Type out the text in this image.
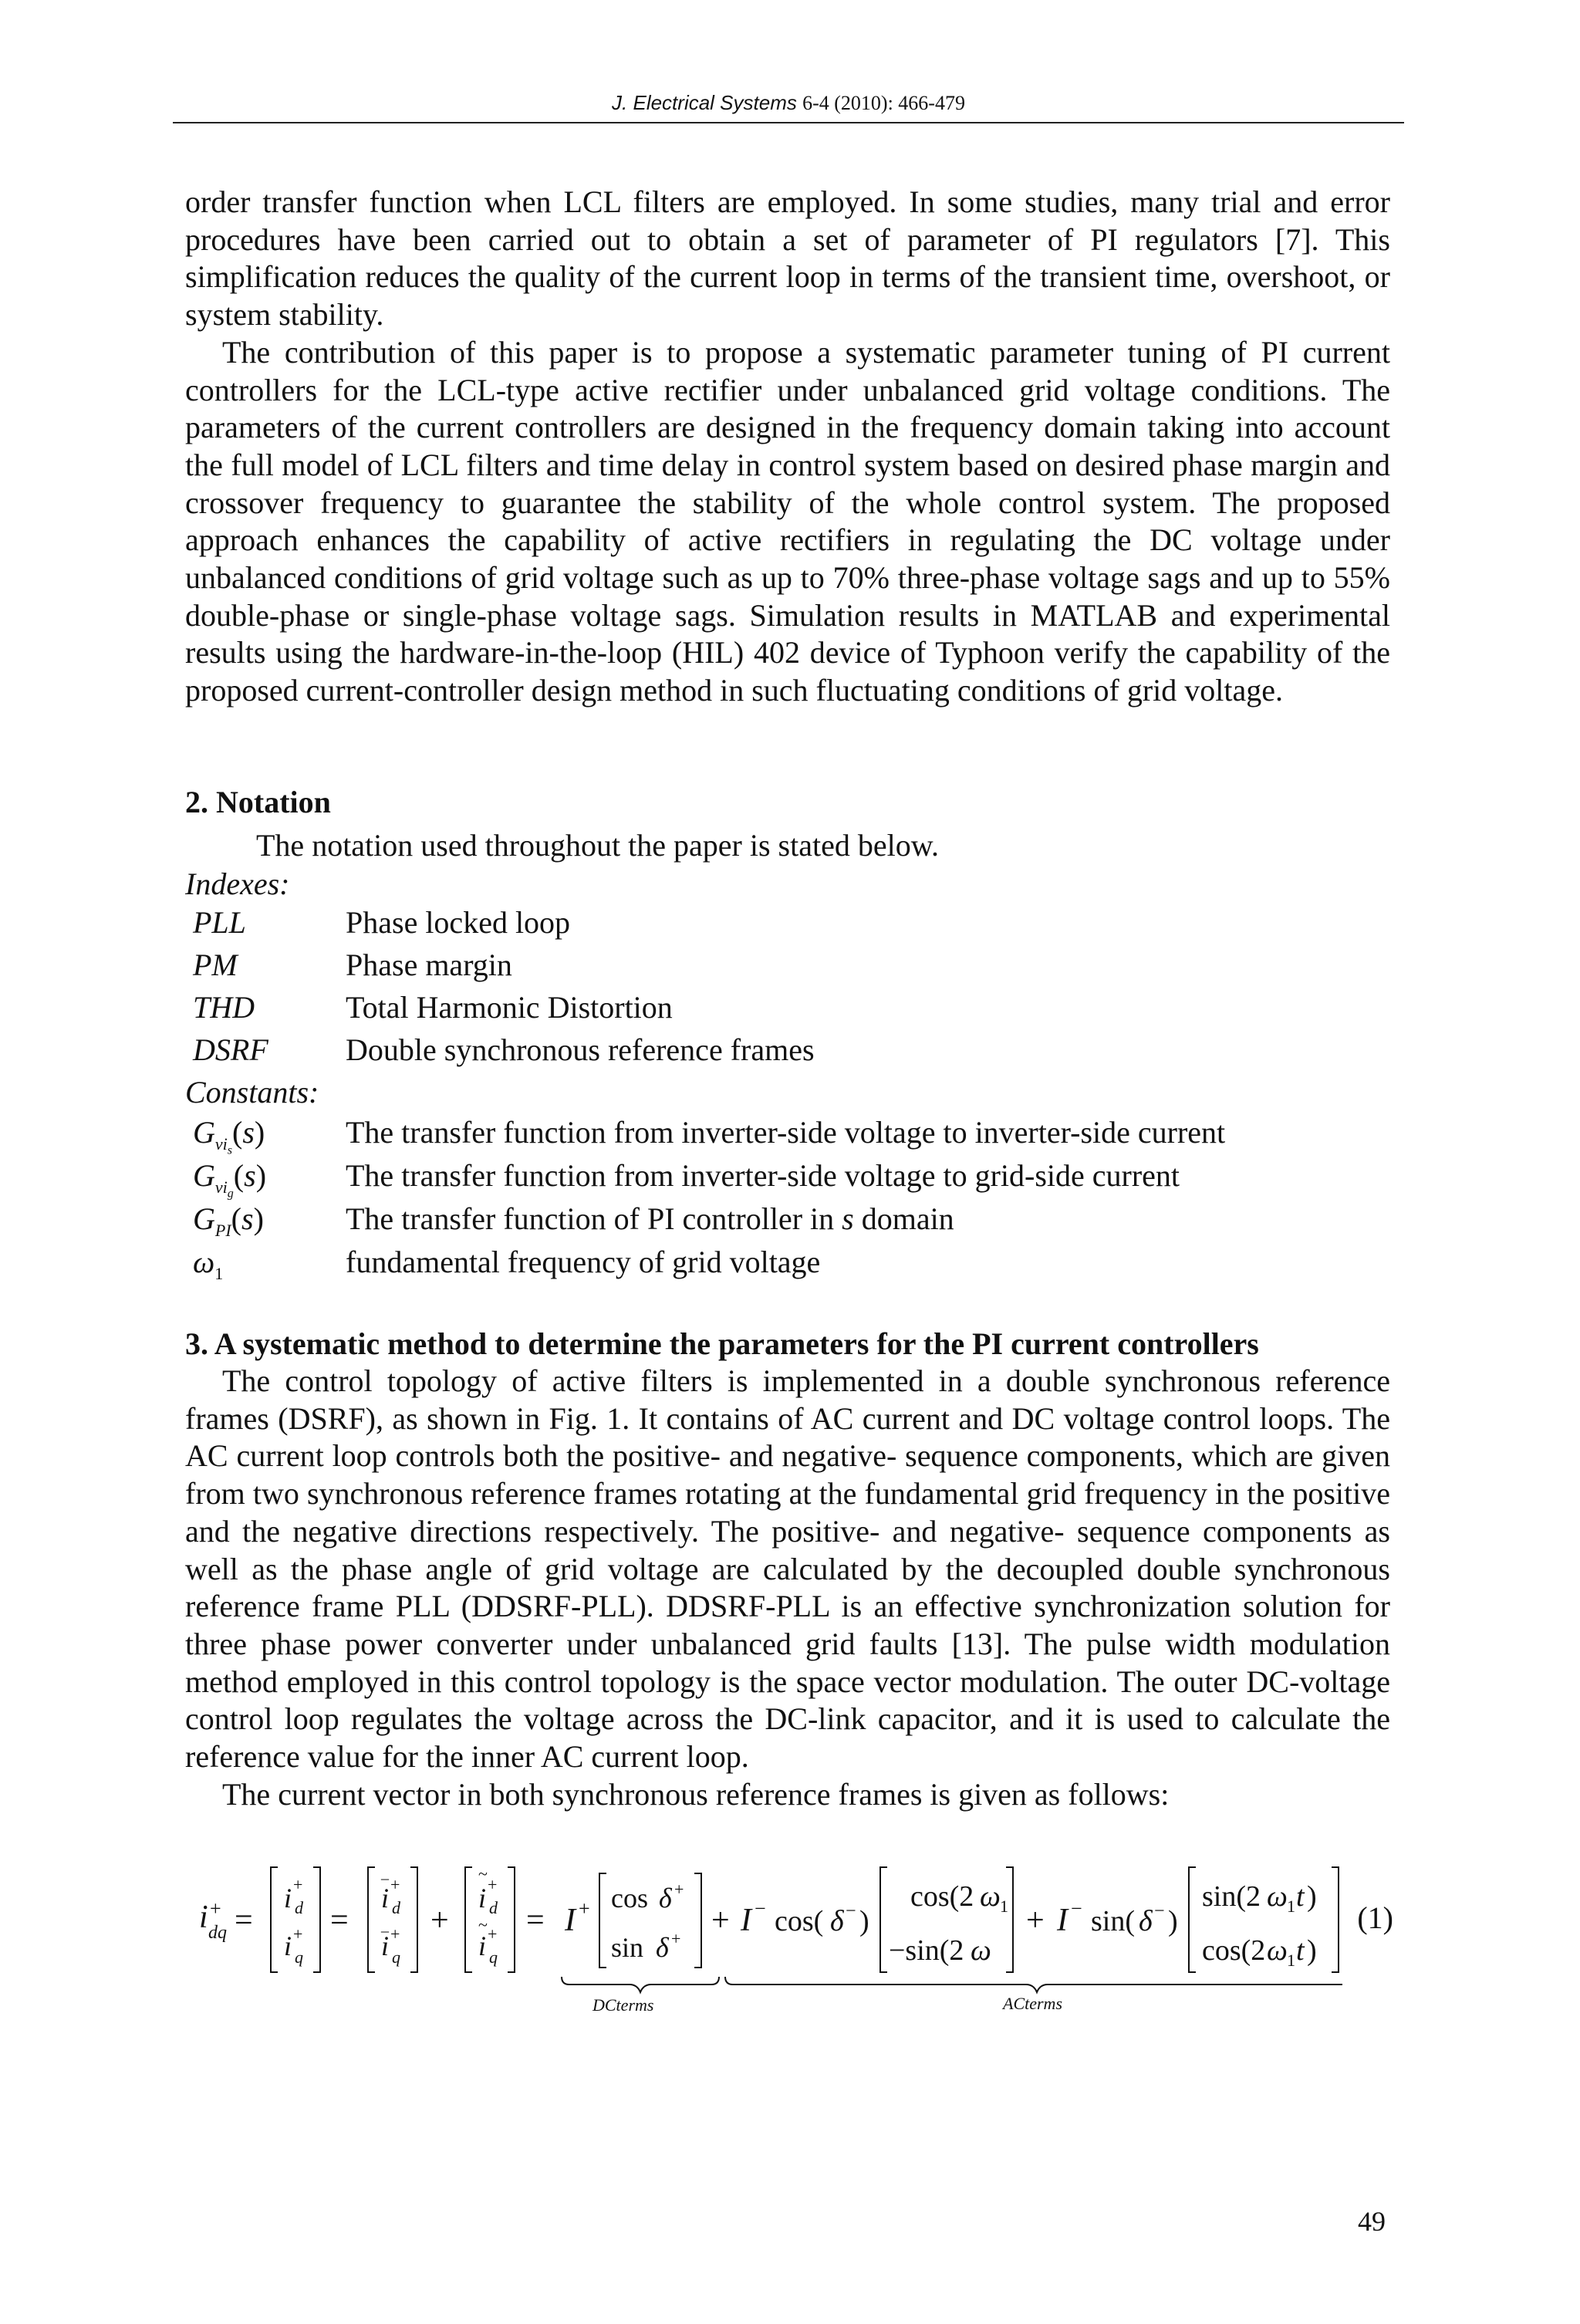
J. Electrical Systems 6-4 (2010): 466-479

order transfer function when LCL filters are employed. In some studies, many trial and error procedures have been carried out to obtain a set of parameter of PI regulators [7]. This simplification reduces the quality of the current loop in terms of the transient time, overshoot, or system stability.

The contribution of this paper is to propose a systematic parameter tuning of PI current controllers for the LCL-type active rectifier under unbalanced grid voltage conditions. The parameters of the current controllers are designed in the frequency domain taking into account the full model of LCL filters and time delay in control system based on desired phase margin and crossover frequency to guarantee the stability of the whole control system. The proposed approach enhances the capability of active rectifiers in regulating the DC voltage under unbalanced conditions of grid voltage such as up to 70% three-phase voltage sags and up to 55% double-phase or single-phase voltage sags. Simulation results in MATLAB and experimental results using the hardware-in-the-loop (HIL) 402 device of Typhoon verify the capability of the proposed current-controller design method in such fluctuating conditions of grid voltage.

2. Notation
The notation used throughout the paper is stated below.
Indexes:
PLL	Phase locked loop
PM	Phase margin
THD	Total Harmonic Distortion
DSRF	Double synchronous reference frames
Constants:
$G_{vi_s}(s)$	The transfer function from inverter-side voltage to inverter-side current
$G_{vi_g}(s)$	The transfer function from inverter-side voltage to grid-side current
$G_{PI}(s)$	The transfer function of PI controller in s domain
$\omega_1$	fundamental frequency of grid voltage
3. A systematic method to determine the parameters for the PI current controllers

The control topology of active filters is implemented in a double synchronous reference frames (DSRF), as shown in Fig. 1. It contains of AC current and DC voltage control loops. The AC current loop controls both the positive- and negative- sequence components, which are given from two synchronous reference frames rotating at the fundamental grid frequency in the positive and the negative directions respectively. The positive- and negative- sequence components as well as the phase angle of grid voltage are calculated by the decoupled double synchronous reference frame PLL (DDSRF-PLL). DDSRF-PLL is an effective synchronization solution for three phase power converter under unbalanced grid faults [13]. The pulse width modulation method employed in this control topology is the space vector modulation. The outer DC-voltage control loop regulates the voltage across the DC-link capacitor, and it is used to calculate the reference value for the inner AC current loop.

The current vector in both synchronous reference frames is given as follows:

i +
dq =
i +
d
i +
q
=
_
+
i d
_ +
i q
+
~
+
i d
~ +
i q
= I + cos δ +
sin δ +
+ I − cos( δ − )
cos(2 ω
−sin(2 ω
+ I − sin( δ − )
sin(2 ω 1 t )
cos(2 ω 1 t )
DCterms	ACterms
(1)
1
49
